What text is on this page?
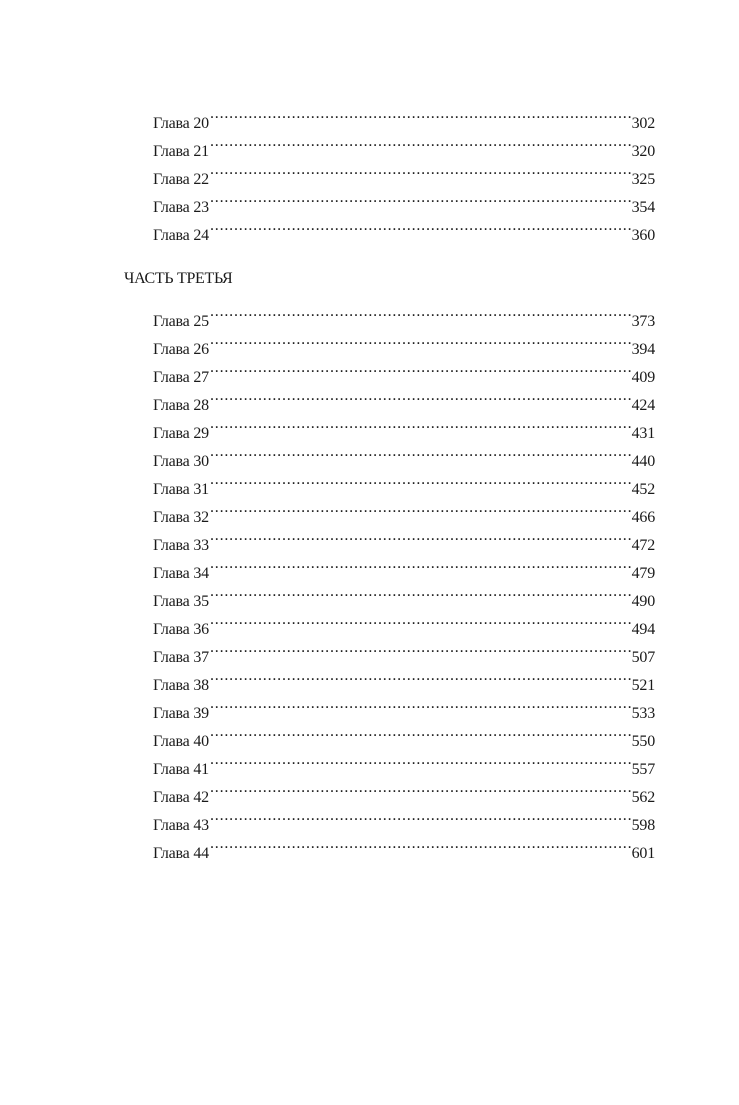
Глава 20 . . .	302
Глава 21 . . .	320
Глава 22 . . .	325
Глава 23 . . .	354
Глава 24 . . .	360
ЧАСТЬ ТРЕТЬЯ
Глава 25 . . .	373
Глава 26 . . .	394
Глава 27 . . .	409
Глава 28 . . .	424
Глава 29 . . .	431
Глава 30 . . .	440
Глава 31 . . .	452
Глава 32 . . .	466
Глава 33 . . .	472
Глава 34 . . .	479
Глава 35 . . .	490
Глава 36 . . .	494
Глава 37 . . .	507
Глава 38 . . .	521
Глава 39 . . .	533
Глава 40 . . .	550
Глава 41 . . .	557
Глава 42 . . .	562
Глава 43 . . .	598
Глава 44 . . .	601
